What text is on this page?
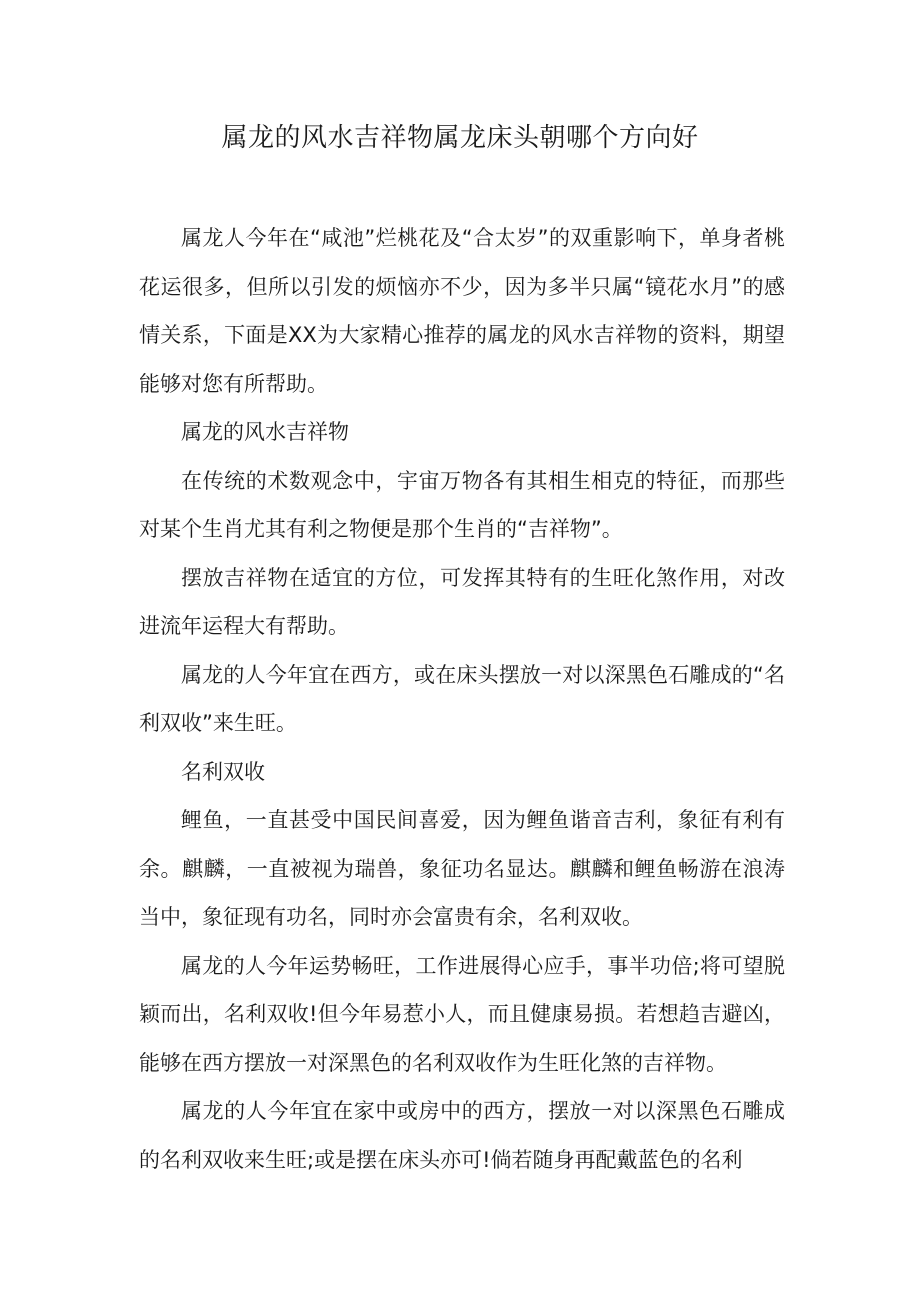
属龙的风水吉祥物属龙床头朝哪个方向好

属龙人今年在“咸池”烂桃花及“合太岁”的双重影响下，单身者桃花运很多，但所以引发的烦恼亦不少，因为多半只属“镜花水月”的感情关系，下面是XX为大家精心推荐的属龙的风水吉祥物的资料，期望能够对您有所帮助。

属龙的风水吉祥物

在传统的术数观念中，宇宙万物各有其相生相克的特征，而那些对某个生肖尤其有利之物便是那个生肖的“吉祥物”。

摆放吉祥物在适宜的方位，可发挥其特有的生旺化煞作用，对改进流年运程大有帮助。

属龙的人今年宜在西方，或在床头摆放一对以深黑色石雕成的“名利双收”来生旺。

名利双收

鲤鱼，一直甚受中国民间喜爱，因为鲤鱼谐音吉利，象征有利有余。麒麟，一直被视为瑞兽，象征功名显达。麒麟和鲤鱼畅游在浪涛当中，象征现有功名，同时亦会富贵有余，名利双收。

属龙的人今年运势畅旺，工作进展得心应手，事半功倍;将可望脱颖而出，名利双收!但今年易惹小人，而且健康易损。若想趋吉避凶，能够在西方摆放一对深黑色的名利双收作为生旺化煞的吉祥物。

属龙的人今年宜在家中或房中的西方，摆放一对以深黑色石雕成的名利双收来生旺;或是摆在床头亦可!倘若随身再配戴蓝色的名利
